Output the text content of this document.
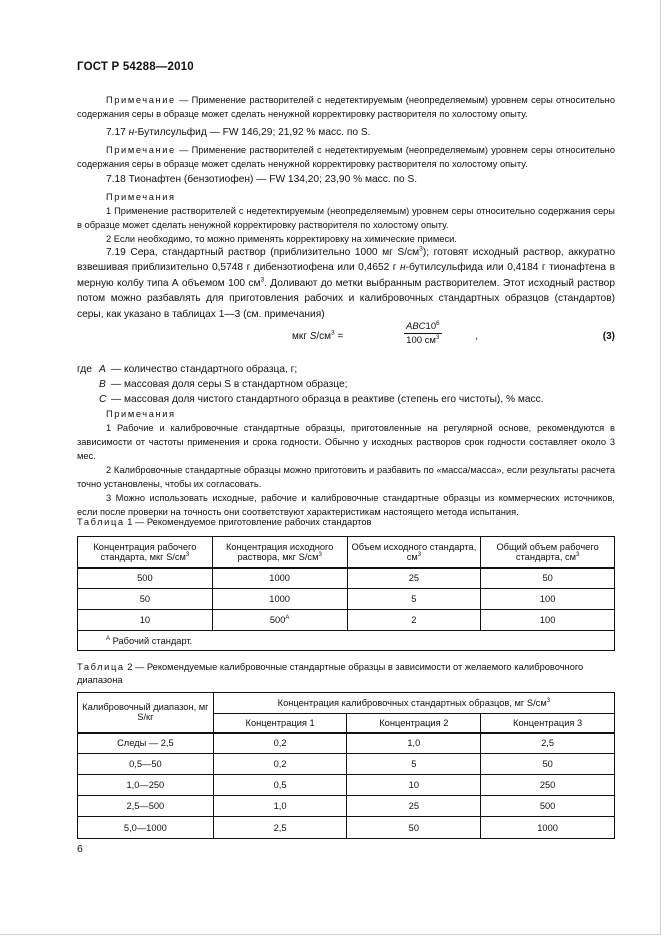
ГОСТ Р 54288—2010

Примечание — Применение растворителей с недетектируемым (неопределяемым) уровнем серы относительно содержания серы в образце может сделать ненужной корректировку растворителя по холостому опыту.

7.17 н-Бутилсульфид — FW 146,29; 21,92 % масс. по S.

Примечание — Применение растворителей с недетектируемым (неопределяемым) уровнем серы относительно содержания серы в образце может сделать ненужной корректировку растворителя по холостому опыту.

7.18 Тионафтен (бензотиофен) — FW 134,20; 23,90 % масс. по S.

Примечания
1 Применение растворителей с недетектируемым (неопределяемым) уровнем серы относительно содержания серы в образце может сделать ненужной корректировку растворителя по холостому опыту.
2 Если необходимо, то можно применять корректировку на химические примеси.

7.19 Сера, стандартный раствор (приблизительно 1000 мг $S/см^3$); готовят исходный раствор, аккуратно взвешивая приблизительно 0,5748 г дибензотиофена или 0,4652 г н-бутилсульфида или 0,4184 г тионафтена в мерную колбу типа А объемом 100 $см^3$. Доливают до метки выбранным растворителем. Этот исходный раствор потом можно разбавлять для приготовления рабочих и калибровочных стандартных образцов (стандартов) серы, как указано в таблицах 1—3 (см. примечания)

мкг $S/см^3$ =
$ABC10^6$
100 $см^3$	,	(3)
где A — количество стандартного образца, г;
B — массовая доля серы S в стандартном образце;
C — массовая доля чистого стандартного образца в реактиве (степень его чистоты), % масс.
Примечания
1 Рабочие и калибровочные стандартные образцы, приготовленные на регулярной основе, рекомендуются в зависимости от частоты применения и срока годности. Обычно у исходных растворов срок годности составляет около 3 мес.
2 Калибровочные стандартные образцы можно приготовить и разбавить по «масса/масса», если результаты расчета точно установлены, чтобы их согласовать.
3 Можно использовать исходные, рабочие и калибровочные стандартные образцы из коммерческих источников, если после проверки на точность они соответствуют характеристикам настоящего метода испытания.
Таблица 1 — Рекомендуемое приготовление рабочих стандартов
Концентрация рабочего стандарта, мкг $S/см^3$	Концентрация исходного раствора, мкг $S/см^3$	Объем исходного стандарта, $см^3$	Общий объем рабочего стандарта, $см^3$
500	1000	25	50
50	1000	5	100
10	$500^A$	2	100
$^A$ Рабочий стандарт.			
Таблица 2 — Рекомендуемые калибровочные стандартные образцы в зависимости от желаемого калибровочного диапазона
Калибровочный диапазон, мг S/кг	Концентрация калибровочных стандартных образцов, мг $S/см^3$
	Концентрация 1	Концентрация 2	Концентрация 3
Следы — 2,5	0,2	1,0	2,5
0,5—50	0,2	5	50
1,0—250	0,5	10	250
2,5—500	1,0	25	500
5,0—1000	2,5	50	1000
6
